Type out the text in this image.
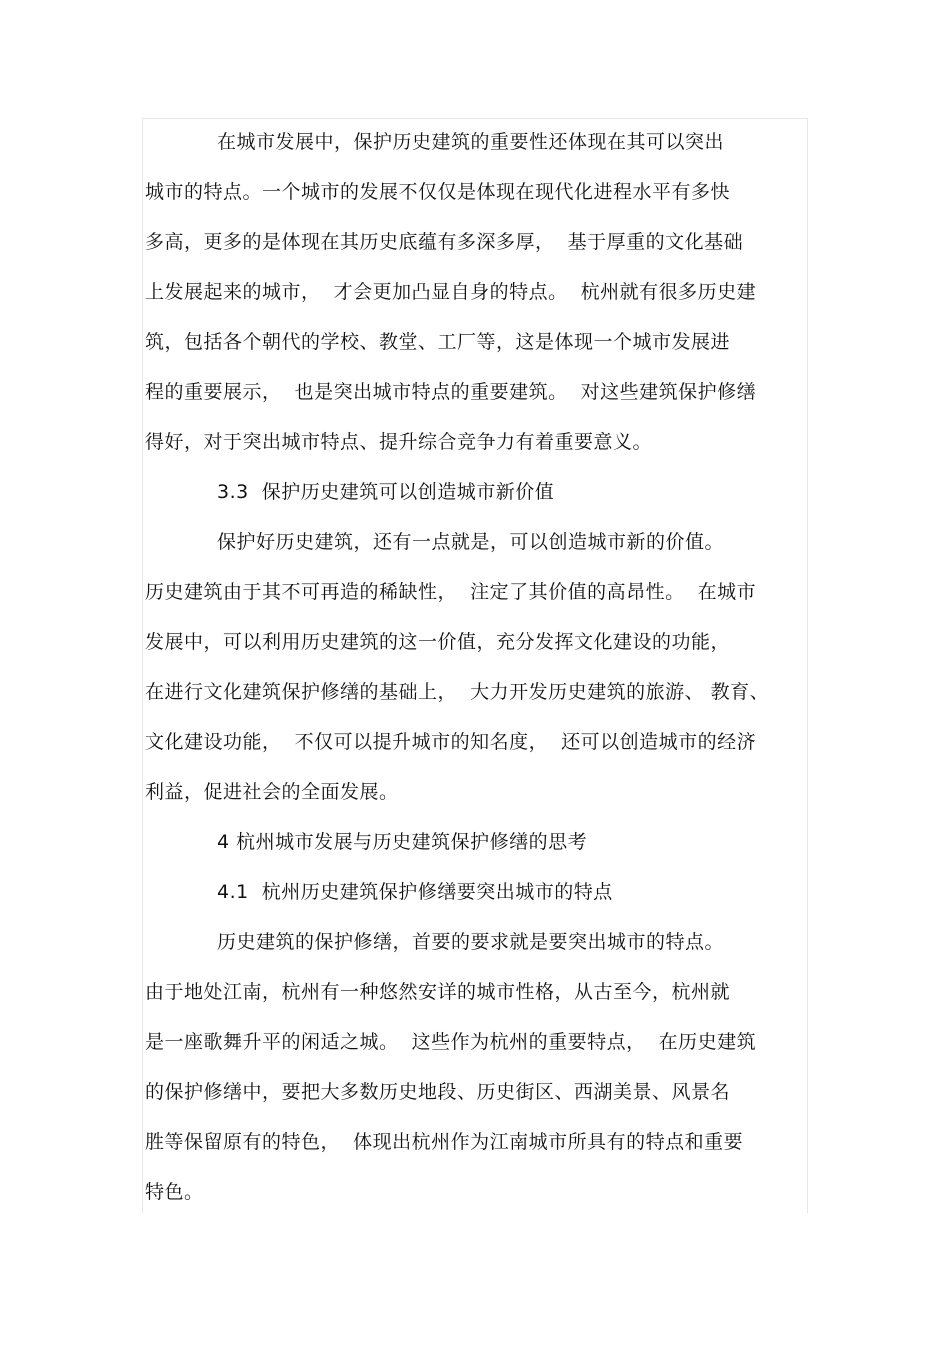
在城市发展中，保护历史建筑的重要性还体现在其可以突出
城市的特点。一个城市的发展不仅仅是体现在现代化进程水平有多快
多高，更多的是体现在其历史底蕴有多深多厚，  基于厚重的文化基础
上发展起来的城市，  才会更加凸显自身的特点。  杭州就有很多历史建
筑，包括各个朝代的学校、教堂、工厂等，这是体现一个城市发展进
程的重要展示，  也是突出城市特点的重要建筑。  对这些建筑保护修缮
得好，对于突出城市特点、提升综合竞争力有着重要意义。
3.3  保护历史建筑可以创造城市新价值
保护好历史建筑，还有一点就是，可以创造城市新的价值。
历史建筑由于其不可再造的稀缺性，  注定了其价值的高昂性。  在城市
发展中，可以利用历史建筑的这一价值，充分发挥文化建设的功能，
在进行文化建筑保护修缮的基础上，  大力开发历史建筑的旅游、 教育、
文化建设功能，  不仅可以提升城市的知名度，  还可以创造城市的经济
利益，促进社会的全面发展。
4 杭州城市发展与历史建筑保护修缮的思考
4.1  杭州历史建筑保护修缮要突出城市的特点
历史建筑的保护修缮，首要的要求就是要突出城市的特点。
由于地处江南，杭州有一种悠然安详的城市性格，从古至今，杭州就
是一座歌舞升平的闲适之城。  这些作为杭州的重要特点，  在历史建筑
的保护修缮中，要把大多数历史地段、历史街区、西湖美景、风景名
胜等保留原有的特色，  体现出杭州作为江南城市所具有的特点和重要
特色。
